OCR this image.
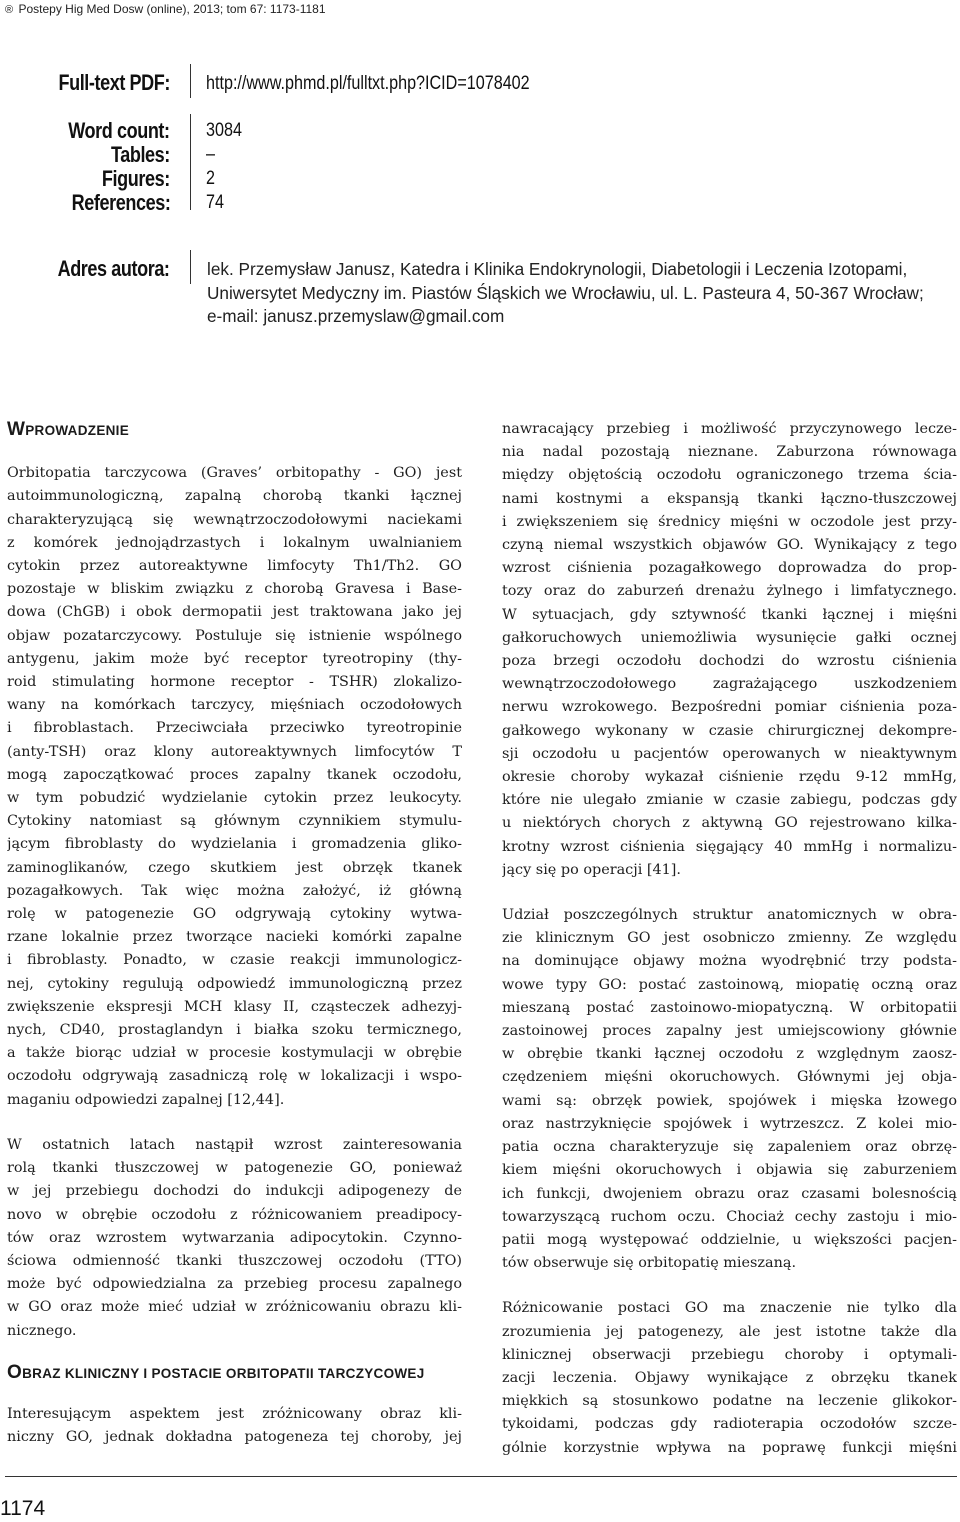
® Postepy Hig Med Dosw (online), 2013; tom 67: 1173-1181
Full-text PDF: http://www.phmd.pl/fulltxt.php?ICID=1078402
Word count: 3084
Tables: –
Figures: 2
References: 74
Adres autora: lek. Przemysław Janusz, Katedra i Klinika Endokrynologii, Diabetologii i Leczenia Izotopami,

Uniwersytet Medyczny im. Piastów Śląskich we Wrocławiu, ul. L. Pasteura 4, 50-367 Wrocław;

e-mail: janusz.przemyslaw@gmail.com

WPROWADZENIE

Orbitopatia tarczycowa (Graves’ orbitopathy - GO) jest

autoimmunologiczną, zapalną chorobą tkanki łącznej

charakteryzującą się wewnątrzoczodołowymi naciekami

z komórek jednojądrzastych i lokalnym uwalnianiem

cytokin przez autoreaktywne limfocyty Th1/Th2. GO

pozostaje w bliskim związku z chorobą Gravesa i Base-

dowa (ChGB) i obok dermopatii jest traktowana jako jej

objaw pozatarczycowy. Postuluje się istnienie wspólnego

antygenu, jakim może być receptor tyreotropiny (thy-

roid stimulating hormone receptor - TSHR) zlokalizo-

wany na komórkach tarczycy, mięśniach oczodołowych

i fibroblastach. Przeciwciała przeciwko tyreotropinie

(anty-TSH) oraz klony autoreaktywnych limfocytów T

mogą zapoczątkować proces zapalny tkanek oczodołu,

w tym pobudzić wydzielanie cytokin przez leukocyty.

Cytokiny natomiast są głównym czynnikiem stymulu-

jącym fibroblasty do wydzielania i gromadzenia gliko-

zaminoglikanów, czego skutkiem jest obrzęk tkanek

pozagałkowych. Tak więc można założyć, iż główną

rolę w patogenezie GO odgrywają cytokiny wytwa-

rzane lokalnie przez tworzące nacieki komórki zapalne

i fibroblasty. Ponadto, w czasie reakcji immunologicz-

nej, cytokiny regulują odpowiedź immunologiczną przez

zwiększenie ekspresji MCH klasy II, cząsteczek adhezyj-

nych, CD40, prostaglandyn i białka szoku termicznego,

a także biorąc udział w procesie kostymulacji w obrębie

oczodołu odgrywają zasadniczą rolę w lokalizacji i wspo-

maganiu odpowiedzi zapalnej [12,44].

W ostatnich latach nastąpił wzrost zainteresowania

rolą tkanki tłuszczowej w patogenezie GO, ponieważ

w jej przebiegu dochodzi do indukcji adipogenezy de

novo w obrębie oczodołu z różnicowaniem preadipocy-

tów oraz wzrostem wytwarzania adipocytokin. Czynno-

ściowa odmienność tkanki tłuszczowej oczodołu (TTO)

może być odpowiedzialna za przebieg procesu zapalnego

w GO oraz może mieć udział w zróżnicowaniu obrazu kli-

nicznego.

OBRAZ KLINICZNY I POSTACIE ORBITOPATII TARCZYCOWEJ

Interesującym aspektem jest zróżnicowany obraz kli-

niczny GO, jednak dokładna patogeneza tej choroby, jej

nawracający przebieg i możliwość przyczynowego lecze-

nia nadal pozostają nieznane. Zaburzona równowaga

między objętością oczodołu ograniczonego trzema ścia-

nami kostnymi a ekspansją tkanki łączno-tłuszczowej

i zwiększeniem się średnicy mięśni w oczodole jest przy-

czyną niemal wszystkich objawów GO. Wynikający z tego

wzrost ciśnienia pozagałkowego doprowadza do prop-

tozy oraz do zaburzeń drenażu żylnego i limfatycznego.

W sytuacjach, gdy sztywność tkanki łącznej i mięśni

gałkoruchowych uniemożliwia wysunięcie gałki ocznej

poza brzegi oczodołu dochodzi do wzrostu ciśnienia

wewnątrzoczodołowego zagrażającego uszkodzeniem

nerwu wzrokowego. Bezpośredni pomiar ciśnienia poza-

gałkowego wykonany w czasie chirurgicznej dekompre-

sji oczodołu u pacjentów operowanych w nieaktywnym

okresie choroby wykazał ciśnienie rzędu 9-12 mmHg,

które nie ulegało zmianie w czasie zabiegu, podczas gdy

u niektórych chorych z aktywną GO rejestrowano kilka-

krotny wzrost ciśnienia sięgający 40 mmHg i normalizu-

jący się po operacji [41].

Udział poszczególnych struktur anatomicznych w obra-

zie klinicznym GO jest osobniczo zmienny. Ze względu

na dominujące objawy można wyodrębnić trzy podsta-

wowe typy GO: postać zastoinową, miopatię oczną oraz

mieszaną postać zastoinowo-miopatyczną. W orbitopatii

zastoinowej proces zapalny jest umiejscowiony głównie

w obrębie tkanki łącznej oczodołu z względnym zaosz-

czędzeniem mięśni okoruchowych. Głównymi jej obja-

wami są: obrzęk powiek, spojówek i mięska łzowego

oraz nastrzyknięcie spojówek i wytrzeszcz. Z kolei mio-

patia oczna charakteryzuje się zapaleniem oraz obrzę-

kiem mięśni okoruchowych i objawia się zaburzeniem

ich funkcji, dwojeniem obrazu oraz czasami bolesnością

towarzyszącą ruchom oczu. Chociaż cechy zastoju i mio-

patii mogą występować oddzielnie, u większości pacjen-

tów obserwuje się orbitopatię mieszaną.

Różnicowanie postaci GO ma znaczenie nie tylko dla

zrozumienia jej patogenezy, ale jest istotne także dla

klinicznej obserwacji przebiegu choroby i optymali-

zacji leczenia. Objawy wynikające z obrzęku tkanek

miękkich są stosunkowo podatne na leczenie glikokor-

tykoidami, podczas gdy radioterapia oczodołów szcze-

gólnie korzystnie wpływa na poprawę funkcji mięśni

1174
